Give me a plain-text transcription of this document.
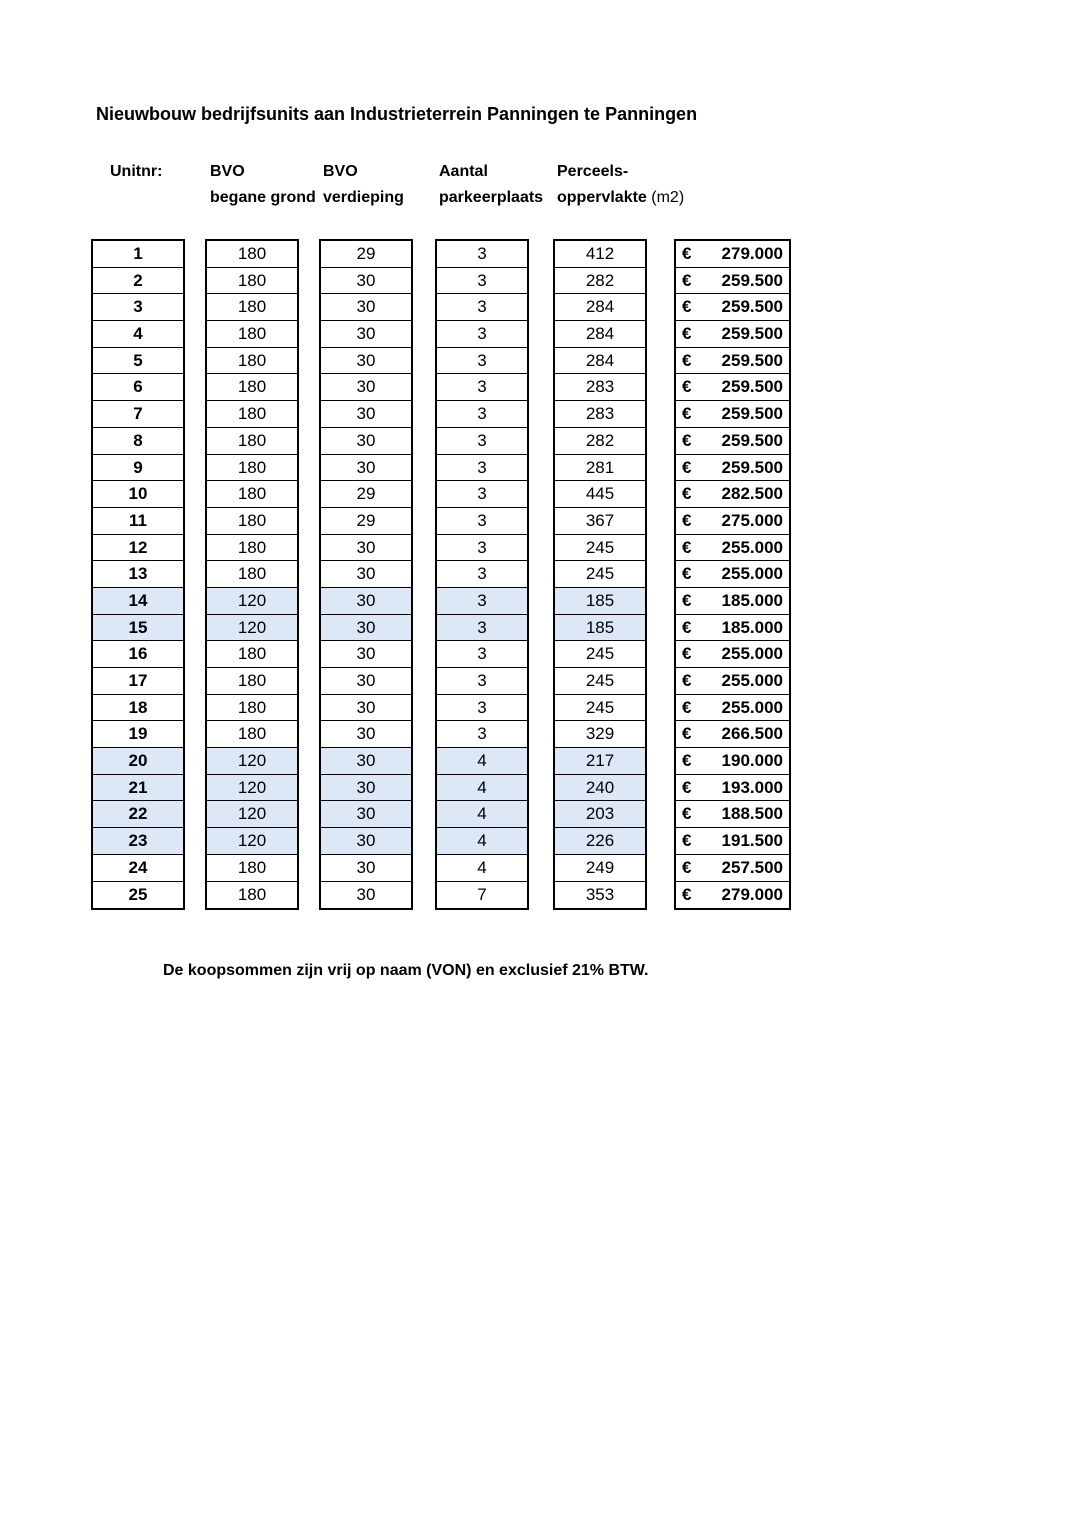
Nieuwbouw bedrijfsunits aan Industrieterrein Panningen te Panningen
Unitnr:	BVO
begane grond
BVO
verdieping
Aantal
parkeerplaats
Perceels-
oppervlakte (m2)
1
2
3
4
5
6
7
8
9
10
11
12
13
14
15
16
17
18
19
20
21
22
23
24
25
180
180
180
180
180
180
180
180
180
180
180
180
180
120
120
180
180
180
180
120
120
120
120
180
180
29
30
30
30
30
30
30
30
30
29
29
30
30
30
30
30
30
30
30
30
30
30
30
30
30
3
3
3
3
3
3
3
3
3
3
3
3
3
3
3
3
3
3
3
4
4
4
4
4
7
412
282
284
284
284
283
283
282
281
445
367
245
245
185
185
245
245
245
329
217
240
203
226
249
353
€ 279.000
€ 259.500
€ 259.500
€ 259.500
€ 259.500
€ 259.500
€ 259.500
€ 259.500
€ 259.500
€ 282.500
€ 275.000
€ 255.000
€ 255.000
€ 185.000
€ 185.000
€ 255.000
€ 255.000
€ 255.000
€ 266.500
€ 190.000
€ 193.000
€ 188.500
€ 191.500
€ 257.500
€ 279.000
De koopsommen zijn vrij op naam (VON) en exclusief 21% BTW.
